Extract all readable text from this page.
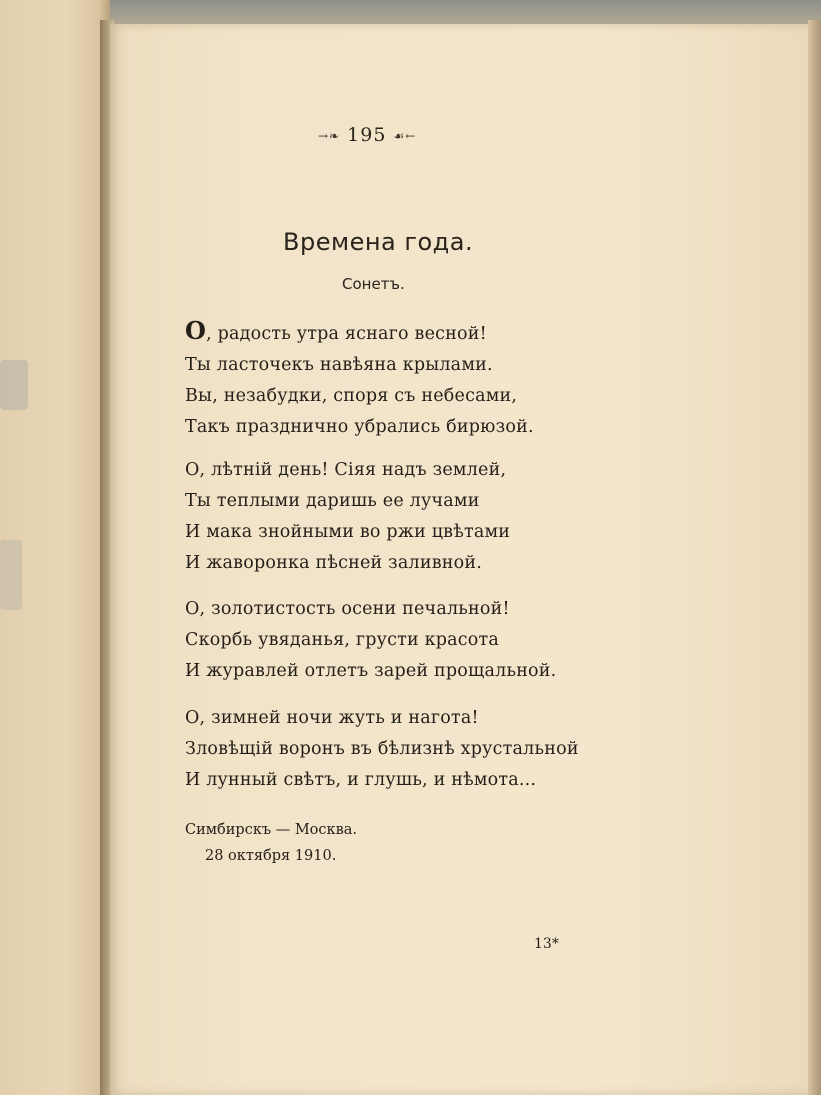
→❧ 195 ☙←
Времена года.
Сонетъ.
О, радость утра яснаго весной!
Ты ласточекъ навѣяна крылами.
Вы, незабудки, споря съ небесами,
Такъ празднично убрались бирюзой.
О, лѣтній день! Сіяя надъ землей,
Ты теплыми даришь ее лучами
И мака знойными во ржи цвѣтами
И жаворонка пѣсней заливной.
О, золотистость осени печальной!
Скорбь увяданья, грусти красота
И журавлей отлетъ зарей прощальной.
О, зимней ночи жуть и нагота!
Зловѣщій воронъ въ бѣлизнѣ хрустальной
И лунный свѣтъ, и глушь, и нѣмота...
Симбирскъ — Москва.
28 октября 1910.
13*
